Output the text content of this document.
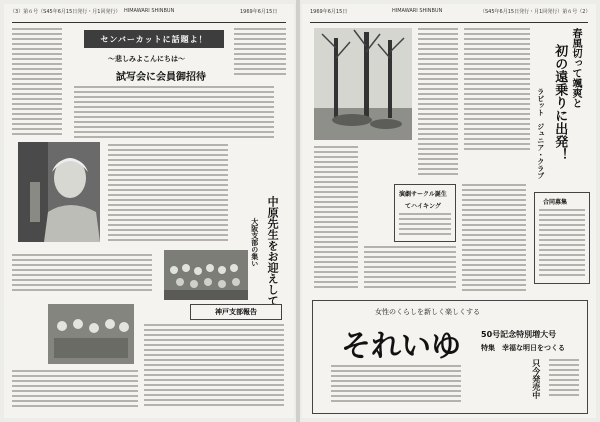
（3）第６号（S45年6月15日発行・月1回発行） HIMAWARI SHINBUN	1969年6月15日
センバーカットに話題よ！
〜悲しみよこんにちは〜
試写会に会員御招待
中原先生をお迎えして
大阪支部の集い
神戸支部報告
1969年6月15日	HIMAWARI SHINBUN	（S45年6月15日発行・月1回発行）第６号（2）
春風切って颯爽と
初の遠乗りに出発！
ラビット　ジュニア・クラブ
演劇サークル誕生
てハイキング
合同募集
女性のくらしを新しく楽しくする
それいゆ	50号記念特別増大号
特集　幸福な明日をつくる
只今発売中
